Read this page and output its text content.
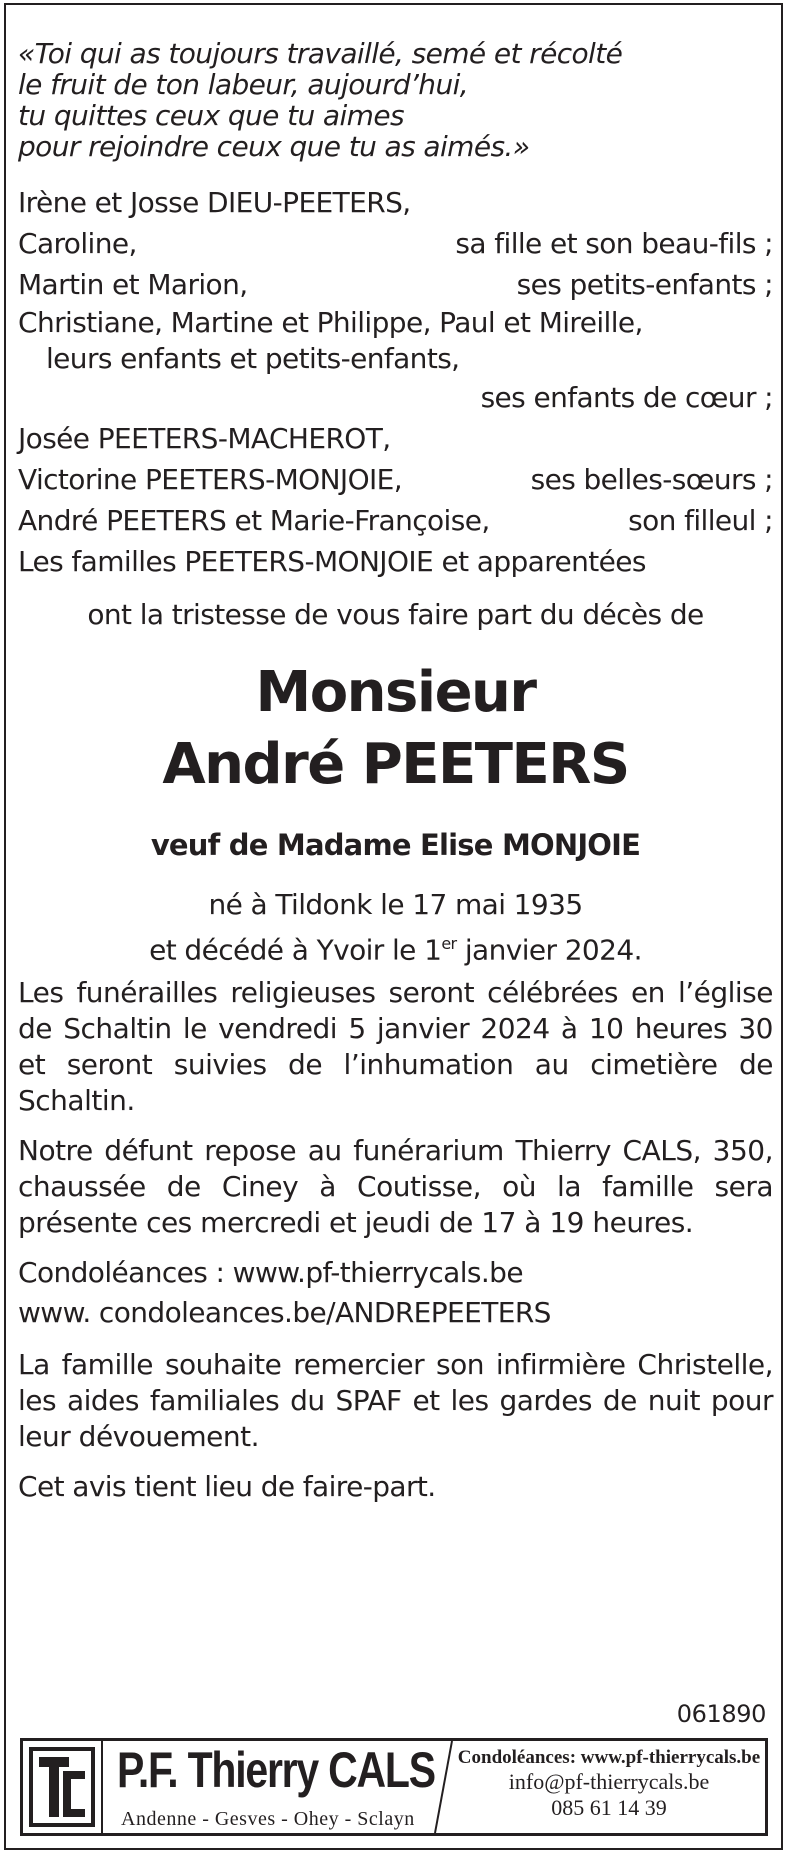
«Toi qui as toujours travaillé, semé et récolté
le fruit de ton labeur, aujourd’hui,
tu quittes ceux que tu aimes
pour rejoindre ceux que tu as aimés.»
Irène et Josse DIEU-PEETERS,
Caroline,	sa fille et son beau-fils ;
Martin et Marion,	ses petits-enfants ;
Christiane, Martine et Philippe, Paul et Mireille,
leurs enfants et petits-enfants,
ses enfants de cœur ;
Josée PEETERS-MACHEROT,
Victorine PEETERS-MONJOIE,	ses belles-sœurs ;
André PEETERS et Marie-Françoise,	son filleul ;
Les familles PEETERS-MONJOIE et apparentées
ont la tristesse de vous faire part du décès de
Monsieur
André PEETERS
veuf de Madame Elise MONJOIE
né à Tildonk le 17 mai 1935
et décédé à Yvoir le 1er janvier 2024.
Les funérailles religieuses seront célébrées en l’église de Schaltin le vendredi 5 janvier 2024 à 10 heures 30 et seront suivies de l’inhumation au cimetière de Schaltin.
Notre défunt repose au funérarium Thierry CALS, 350, chaussée de Ciney à Coutisse, où la famille sera présente ces mercredi et jeudi de 17 à 19 heures.
Condoléances : www.pf-thierrycals.be
www. condoleances.be/ANDREPEETERS
La famille souhaite remercier son infirmière Christelle, les aides familiales du SPAF et les gardes de nuit pour leur dévouement.
Cet avis tient lieu de faire-part.
061890
P.F. Thierry CALS
Andenne - Gesves - Ohey - Sclayn
Condoléances: www.pf-thierrycals.be
info@pf-thierrycals.be
085 61 14 39
